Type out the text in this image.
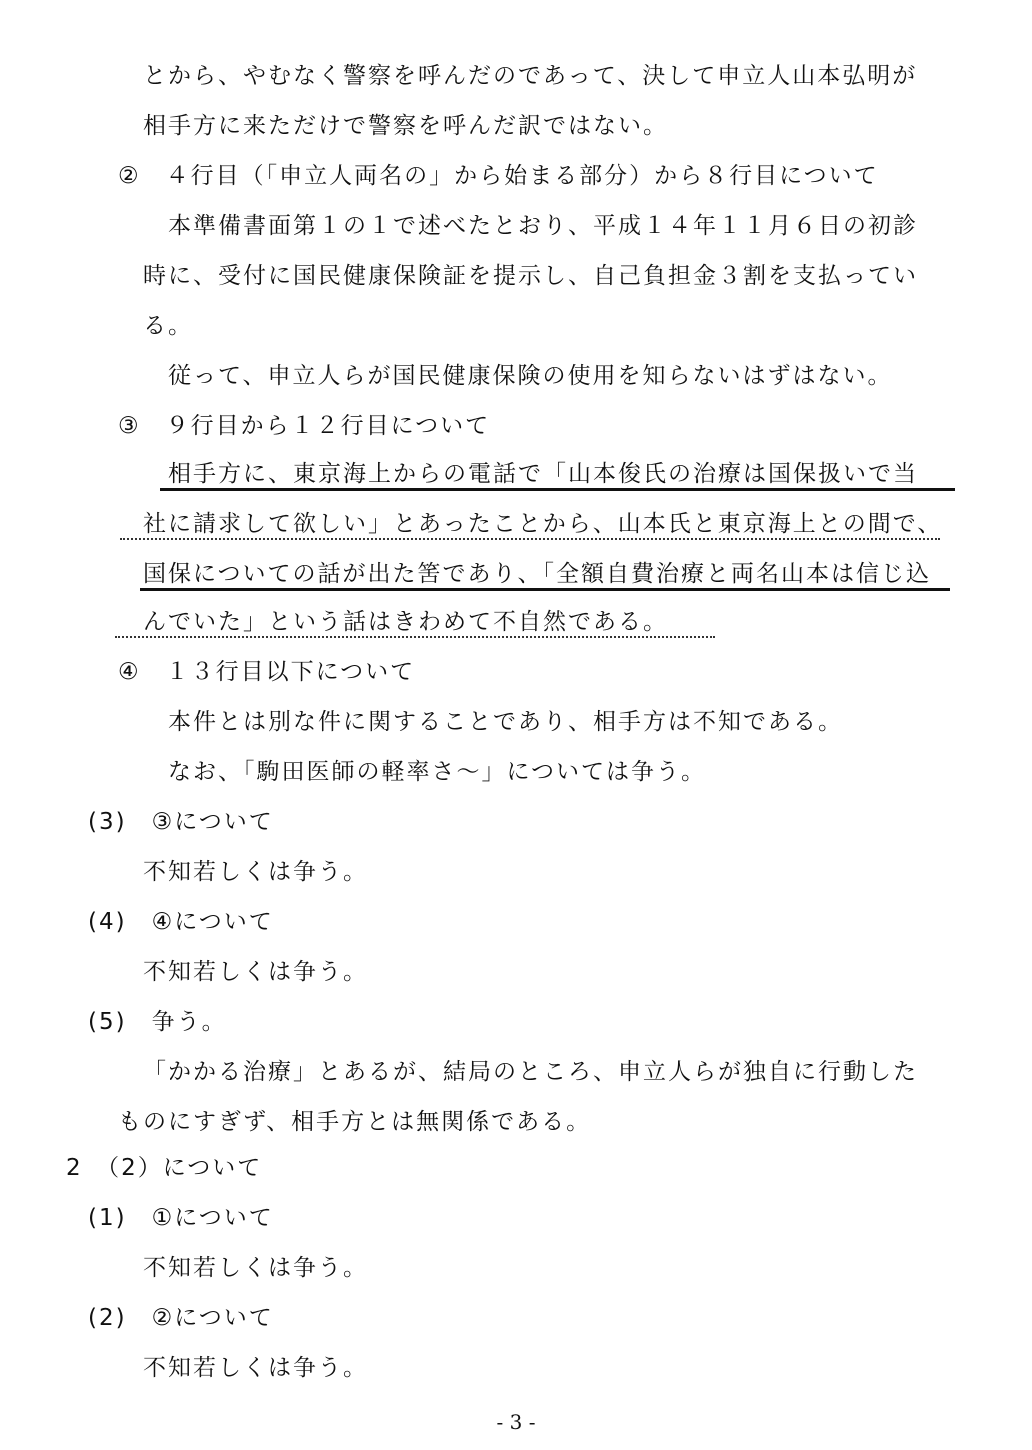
とから、やむなく警察を呼んだのであって、決して申立人山本弘明が
相手方に来ただけで警察を呼んだ訳ではない。
②　４行目（「申立人両名の」から始まる部分）から８行目について
本準備書面第１の１で述べたとおり、平成１４年１１月６日の初診
時に、受付に国民健康保険証を提示し、自己負担金３割を支払ってい
る。
従って、申立人らが国民健康保険の使用を知らないはずはない。
③　９行目から１２行目について
相手方に、東京海上からの電話で「山本俊氏の治療は国保扱いで当
社に請求して欲しい」とあったことから、山本氏と東京海上との間で、
国保についての話が出た筈であり、「全額自費治療と両名山本は信じ込
んでいた」という話はきわめて不自然である。
④　１３行目以下について
本件とは別な件に関することであり、相手方は不知である。
なお、「駒田医師の軽率さ～」については争う。
(3)　③について
不知若しくは争う。
(4)　④について
不知若しくは争う。
(5)　争う。
「かかる治療」とあるが、結局のところ、申立人らが独自に行動した
ものにすぎず、相手方とは無関係である。
2　（2）について
(1)　①について
不知若しくは争う。
(2)　②について
不知若しくは争う。
- 3 -
